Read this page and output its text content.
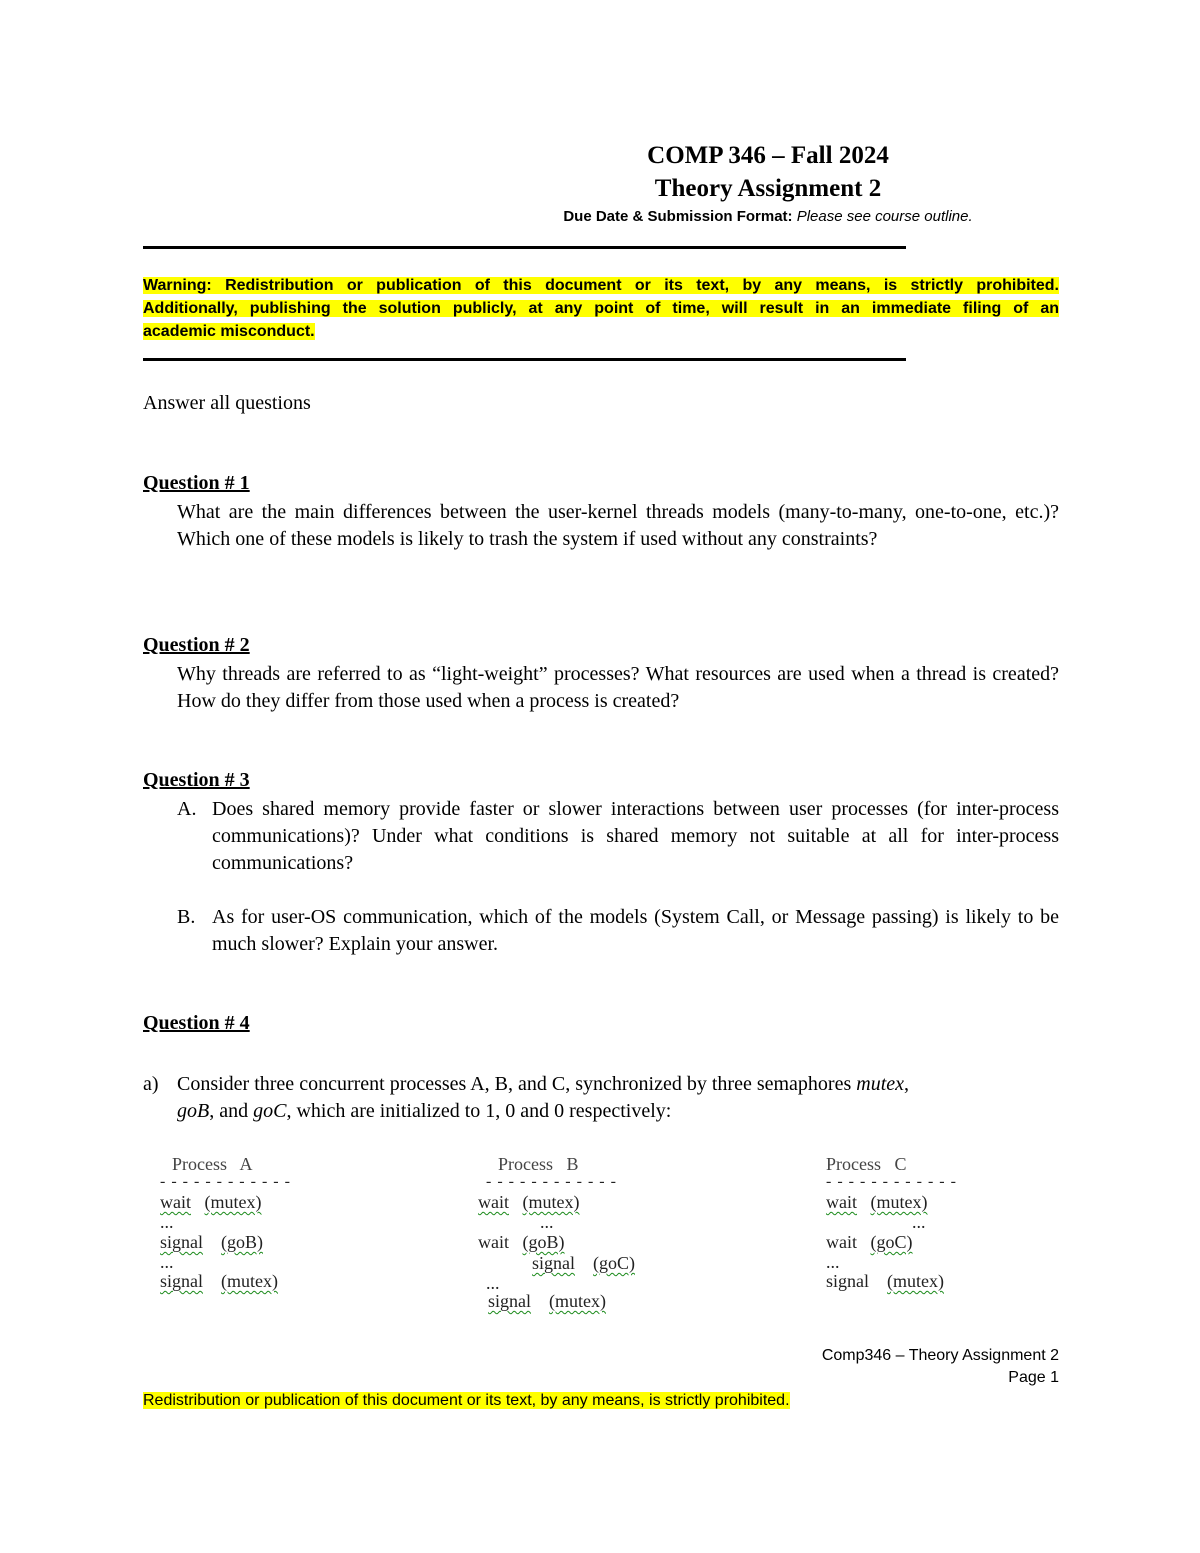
COMP 346 – Fall 2024
Theory Assignment 2
Due Date & Submission Format: Please see course outline.
Warning: Redistribution or publication of this document or its text, by any means, is strictly prohibited.
Additionally, publishing the solution publicly, at any point of time, will result in an immediate filing of an
academic misconduct.
Answer all questions
Question # 1
What are the main differences between the user-kernel threads models (many-to-many, one-to-one, etc.)? Which one of these models is likely to trash the system if used without any constraints?
Question # 2
Why threads are referred to as “light-weight” processes? What resources are used when a thread is created? How do they differ from those used when a process is created?
Question # 3
A. Does shared memory provide faster or slower interactions between user processes (for inter-process communications)? Under what conditions is shared memory not suitable at all for inter-process communications?
B. As for user-OS communication, which of the models (System Call, or Message passing) is likely to be much slower? Explain your answer.
Question # 4
a) Consider three concurrent processes A, B, and C, synchronized by three semaphores mutex,
goB, and goC, which are initialized to 1, 0 and 0 respectively:
Process   A
- - - - - - - - - - - -
wait (mutex)
...
signal (goB)
...
signal (mutex)
Process   B
- - - - - - - - - - - -
wait (mutex)
...
wait (goB)
signal (goC)
...
signal (mutex)
Process   C
- - - - - - - - - - - -
wait (mutex)
...
wait (goC)
...
signal (mutex)
Comp346 – Theory Assignment 2
Page 1
Redistribution or publication of this document or its text, by any means, is strictly prohibited.
